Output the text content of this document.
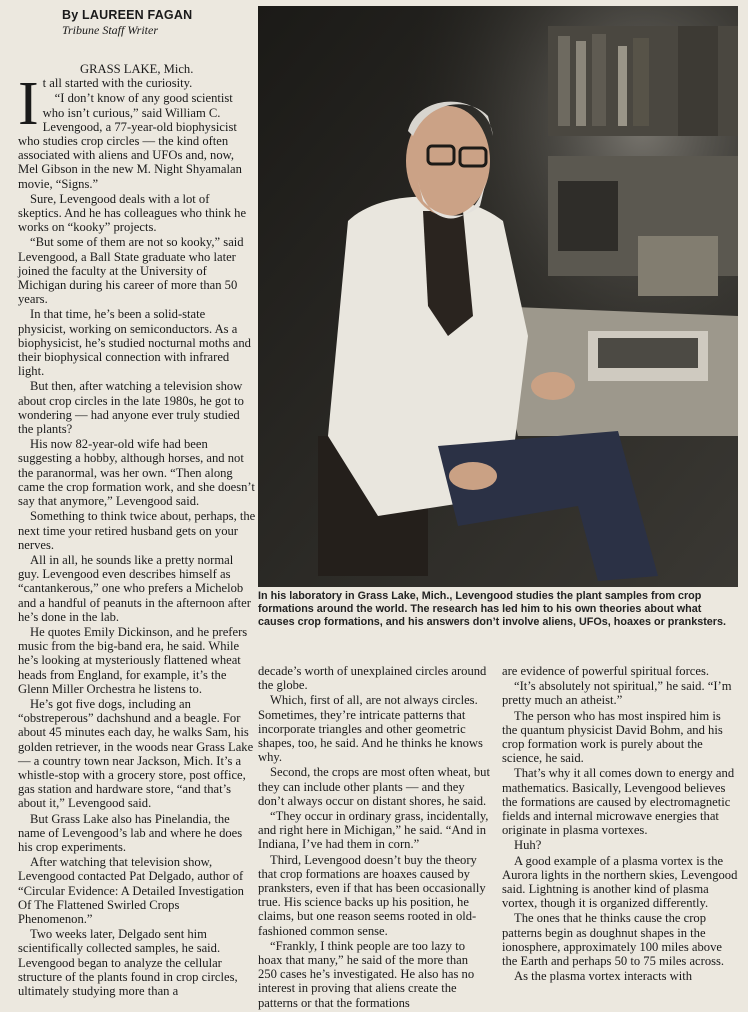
By LAUREEN FAGAN
Tribune Staff Writer
GRASS LAKE, Mich.

It all started with the curiosity.

“I don’t know of any good scientist who isn’t curious,” said William C. Levengood, a 77-year-old biophysicist who studies crop circles — the kind often associated with aliens and UFOs and, now, Mel Gibson in the new M. Night Shyamalan movie, “Signs.”

Sure, Levengood deals with a lot of skeptics. And he has colleagues who think he works on “kooky” projects.

“But some of them are not so kooky,” said Levengood, a Ball State graduate who later joined the faculty at the University of Michigan during his career of more than 50 years.

In that time, he’s been a solid-state physicist, working on semiconductors. As a biophysicist, he’s studied nocturnal moths and their biophysical connection with infrared light.

But then, after watching a television show about crop circles in the late 1980s, he got to wondering — had anyone ever truly studied the plants?

His now 82-year-old wife had been suggesting a hobby, although horses, and not the paranormal, was her own. “Then along came the crop formation work, and she doesn’t say that anymore,” Levengood said.

Something to think twice about, perhaps, the next time your retired husband gets on your nerves.

All in all, he sounds like a pretty normal guy. Levengood even describes himself as “cantankerous,” one who prefers a Michelob and a handful of peanuts in the afternoon after he’s done in the lab.

He quotes Emily Dickinson, and he prefers music from the big-band era, he said. While he’s looking at mysteriously flattened wheat heads from England, for example, it’s the Glenn Miller Orchestra he listens to.

He’s got five dogs, including an “obstreperous” dachshund and a beagle. For about 45 minutes each day, he walks Sam, his golden retriever, in the woods near Grass Lake — a country town near Jackson, Mich. It’s a whistle-stop with a grocery store, post office, gas station and hardware store, “and that’s about it,” Levengood said.

But Grass Lake also has Pinelandia, the name of Levengood’s lab and where he does his crop experiments.

After watching that television show, Levengood contacted Pat Delgado, author of “Circular Evidence: A Detailed Investigation Of The Flattened Swirled Crops Phenomenon.”

Two weeks later, Delgado sent him scientifically collected samples, he said. Levengood began to analyze the cellular structure of the plants found in crop circles, ultimately studying more than a

In his laboratory in Grass Lake, Mich., Levengood studies the plant samples from crop formations around the world. The research has led him to his own theories about what causes crop formations, and his answers don’t involve aliens, UFOs, hoaxes or pranksters.

decade’s worth of unexplained circles around the globe.

Which, first of all, are not always circles. Sometimes, they’re intricate patterns that incorporate triangles and other geometric shapes, too, he said. And he thinks he knows why.

Second, the crops are most often wheat, but they can include other plants — and they don’t always occur on distant shores, he said.

“They occur in ordinary grass, incidentally, and right here in Michigan,” he said. “And in Indiana, I’ve had them in corn.”

Third, Levengood doesn’t buy the theory that crop formations are hoaxes caused by pranksters, even if that has been occasionally true. His science backs up his position, he claims, but one reason seems rooted in old-fashioned common sense.

“Frankly, I think people are too lazy to hoax that many,” he said of the more than 250 cases he’s investigated. He also has no interest in proving that aliens create the patterns or that the formations

are evidence of powerful spiritual forces.

“It’s absolutely not spiritual,” he said. “I’m pretty much an atheist.”

The person who has most inspired him is the quantum physicist David Bohm, and his crop formation work is purely about the science, he said.

That’s why it all comes down to energy and mathematics. Basically, Levengood believes the formations are caused by electromagnetic fields and internal microwave energies that originate in plasma vortexes.

Huh?

A good example of a plasma vortex is the Aurora lights in the northern skies, Levengood said. Lightning is another kind of plasma vortex, though it is organized differently.

The ones that he thinks cause the crop patterns begin as doughnut shapes in the ionosphere, approximately 100 miles above the Earth and perhaps 50 to 75 miles across.

As the plasma vortex interacts with
